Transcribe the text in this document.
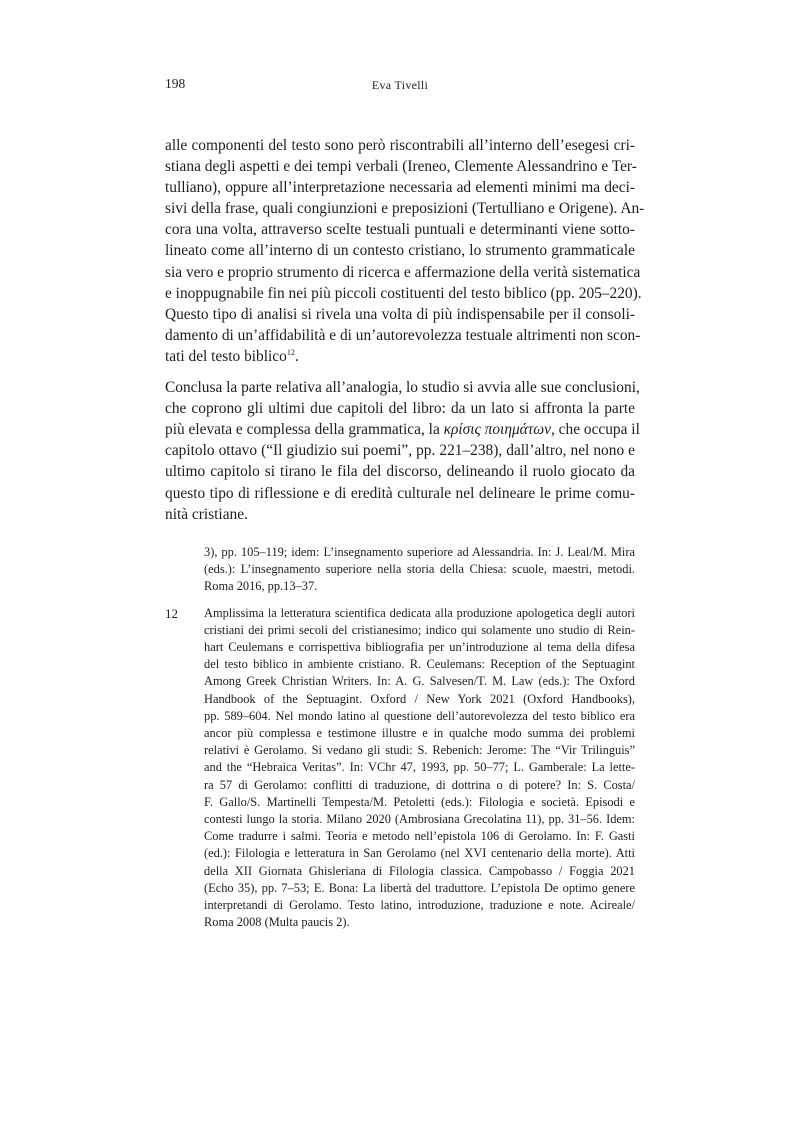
198	Eva Tivelli

alle componenti del testo sono però riscontrabili all’interno dell’esegesi cri-
stiana degli aspetti e dei tempi verbali (Ireneo, Clemente Alessandrino e Ter-
tulliano), oppure all’interpretazione necessaria ad elementi minimi ma deci-
sivi della frase, quali congiunzioni e preposizioni (Tertulliano e Origene). An-
cora una volta, attraverso scelte testuali puntuali e determinanti viene sotto-
lineato come all’interno di un contesto cristiano, lo strumento grammaticale
sia vero e proprio strumento di ricerca e affermazione della verità sistematica
e inoppugnabile fin nei più piccoli costituenti del testo biblico (pp. 205–220).
Questo tipo di analisi si rivela una volta di più indispensabile per il consoli-
damento di un’affidabilità e di un’autorevolezza testuale altrimenti non scon-
tati del testo biblico$^{12}$.

Conclusa la parte relativa all’analogia, lo studio si avvia alle sue conclusioni,
che coprono gli ultimi due capitoli del libro: da un lato si affronta la parte
più elevata e complessa della grammatica, la κρίσις ποιημάτων, che occupa il
capitolo ottavo (“Il giudizio sui poemi”, pp. 221–238), dall’altro, nel nono e
ultimo capitolo si tirano le fila del discorso, delineando il ruolo giocato da
questo tipo di riflessione e di eredità culturale nel delineare le prime comu-
nità cristiane.

3), pp. 105–119; idem: L’insegnamento superiore ad Alessandria. In: J. Leal/M. Mira
(eds.): L’insegnamento superiore nella storia della Chiesa: scuole, maestri, metodi.
Roma 2016, pp.13–37.
12 Amplissima la letteratura scientifica dedicata alla produzione apologetica degli autori
cristiani dei primi secoli del cristianesimo; indico qui solamente uno studio di Rein-
hart Ceulemans e corrispettiva bibliografia per un’introduzione al tema della difesa
del testo biblico in ambiente cristiano. R. Ceulemans: Reception of the Septuagint
Among Greek Christian Writers. In: A. G. Salvesen/T. M. Law (eds.): The Oxford
Handbook of the Septuagint. Oxford / New York 2021 (Oxford Handbooks),
pp. 589–604. Nel mondo latino al questione dell’autorevolezza del testo biblico era
ancor più complessa e testimone illustre e in qualche modo summa dei problemi
relativi è Gerolamo. Si vedano gli studi: S. Rebenich: Jerome: The “Vir Trilinguis”
and the “Hebraica Veritas”. In: VChr 47, 1993, pp. 50–77; L. Gamberale: La lette-
ra 57 di Gerolamo: conflitti di traduzione, di dottrina o di potere? In: S. Costa/
F. Gallo/S. Martinelli Tempesta/M. Petoletti (eds.): Filologia e società. Episodi e
contesti lungo la storia. Milano 2020 (Ambrosiana Grecolatina 11), pp. 31–56. Idem:
Come tradurre i salmi. Teoria e metodo nell’epistola 106 di Gerolamo. In: F. Gasti
(ed.): Filologia e letteratura in San Gerolamo (nel XVI centenario della morte). Atti
della XII Giornata Ghisleriana di Filologia classica. Campobasso / Foggia 2021
(Echo 35), pp. 7–53; E. Bona: La libertà del traduttore. L’epistola De optimo genere
interpretandi di Gerolamo. Testo latino, introduzione, traduzione e note. Acireale/
Roma 2008 (Multa paucis 2).
